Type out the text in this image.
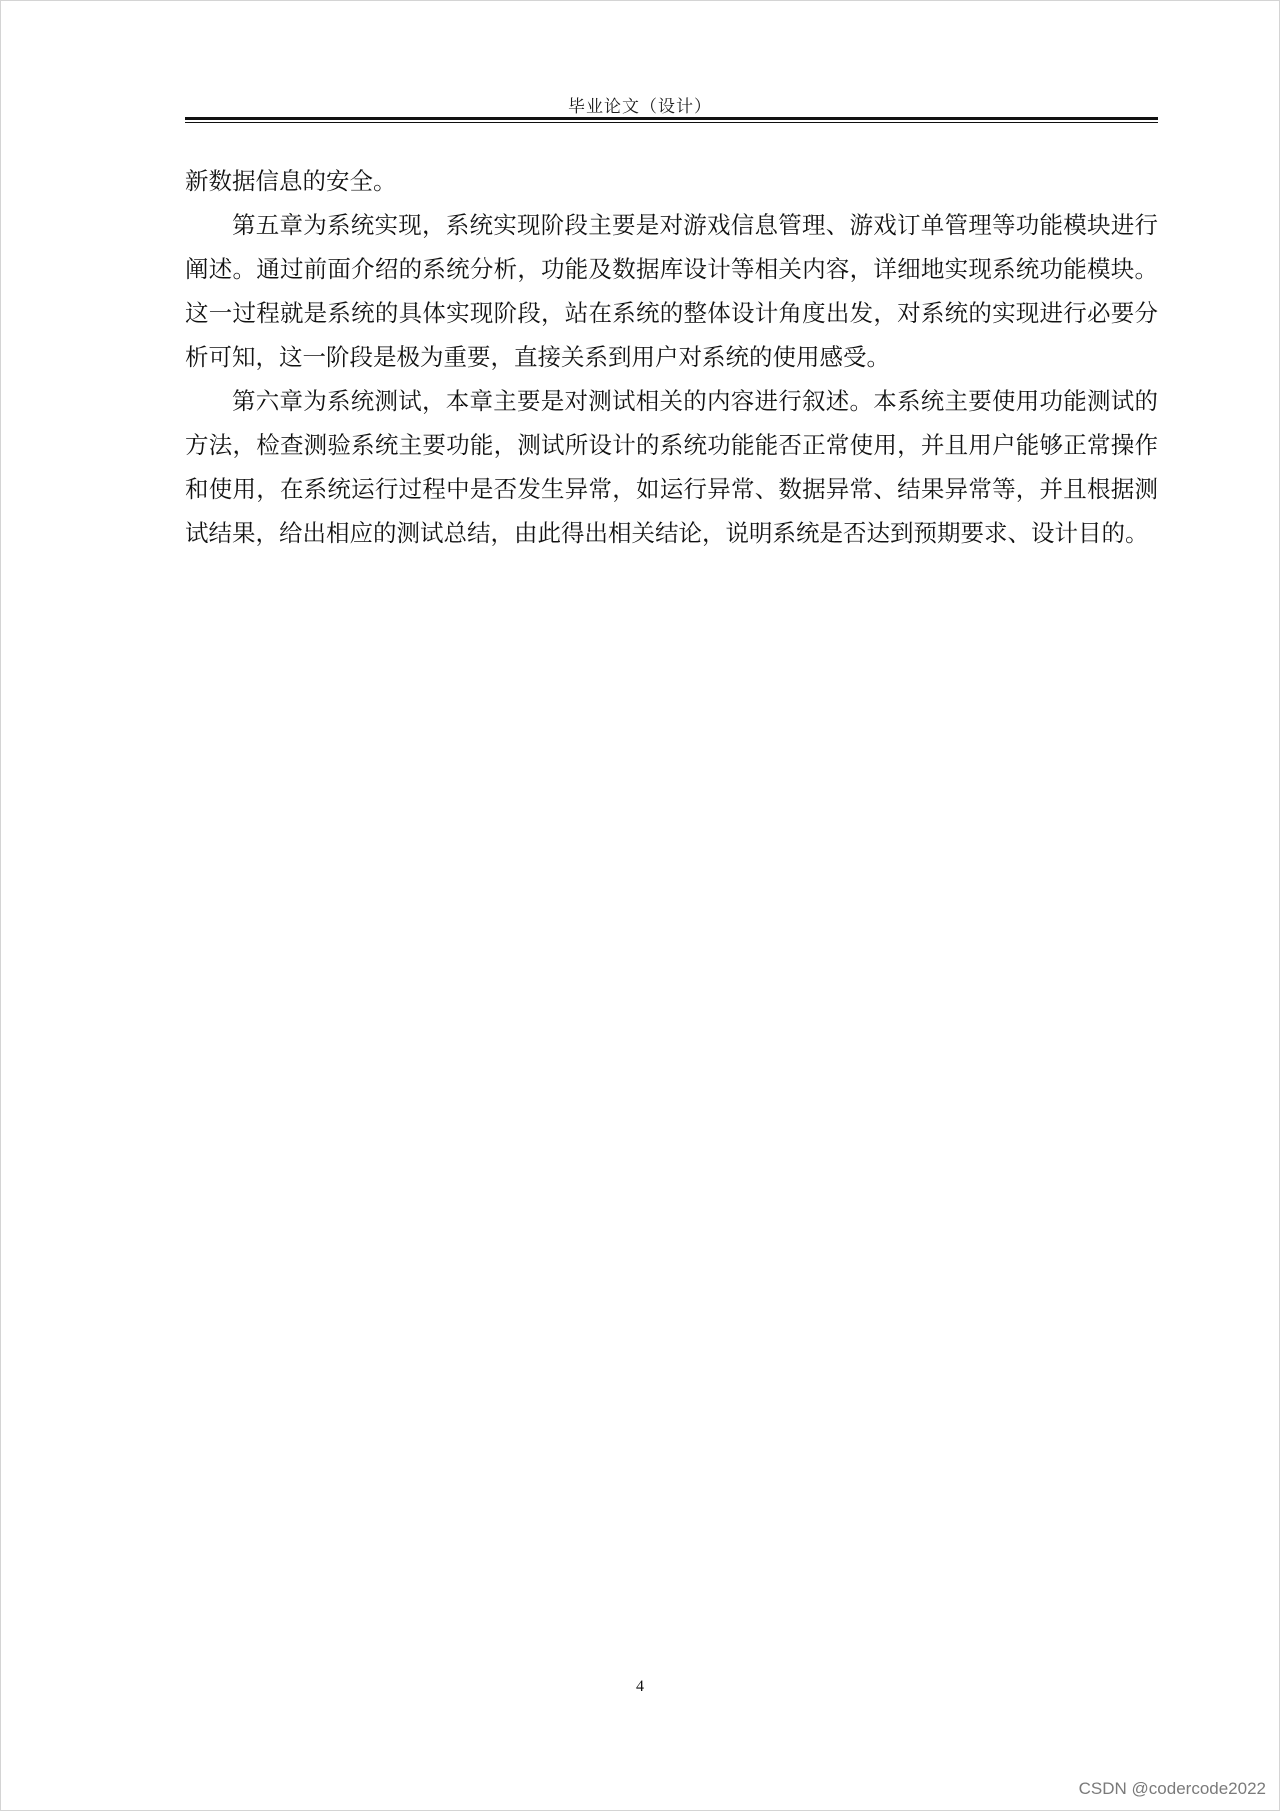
毕业论文（设计）

新数据信息的安全。

第五章为系统实现，系统实现阶段主要是对游戏信息管理、游戏订单管理等功能模块进行阐述。通过前面介绍的系统分析，功能及数据库设计等相关内容，详细地实现系统功能模块。这一过程就是系统的具体实现阶段，站在系统的整体设计角度出发，对系统的实现进行必要分析可知，这一阶段是极为重要，直接关系到用户对系统的使用感受。

第六章为系统测试，本章主要是对测试相关的内容进行叙述。本系统主要使用功能测试的方法，检查测验系统主要功能，测试所设计的系统功能能否正常使用，并且用户能够正常操作和使用，在系统运行过程中是否发生异常，如运行异常、数据异常、结果异常等，并且根据测试结果，给出相应的测试总结，由此得出相关结论，说明系统是否达到预期要求、设计目的。

4
CSDN @codercode2022
